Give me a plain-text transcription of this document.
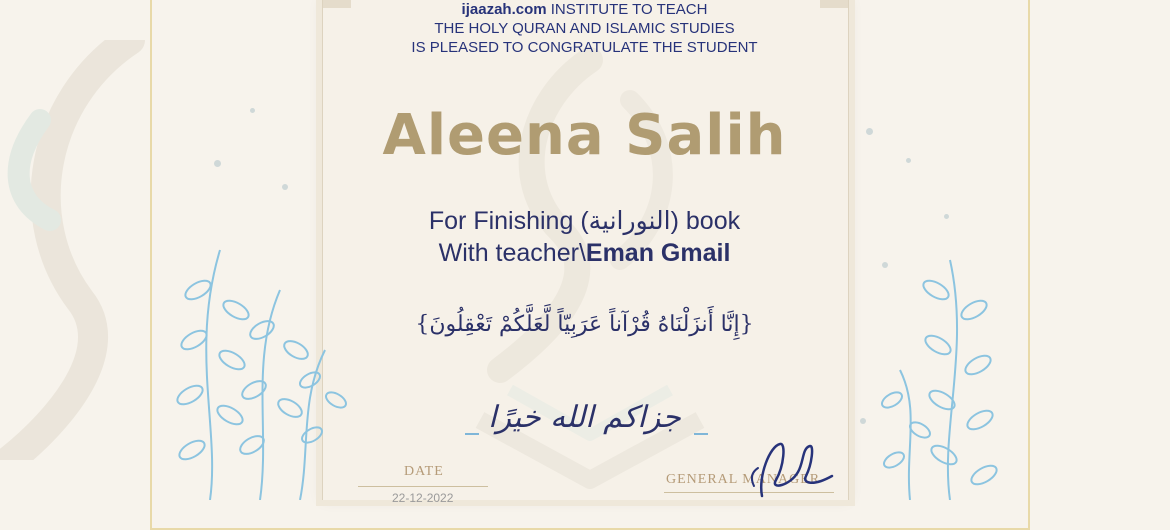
ijaazah.com INSTITUTE TO TEACH
THE HOLY QURAN AND ISLAMIC STUDIES
IS PLEASED TO CONGRATULATE THE STUDENT
Aleena Salih
For Finishing (النورانية) book
With teacher\Eman Gmail
{إِنَّا أَنزَلْنَاهُ قُرْآناً عَرَبِيّاً لَّعَلَّكُمْ تَعْقِلُونَ}
جزاكم الله خيرًا
DATE
22-12-2022
GENERAL MANAGER
